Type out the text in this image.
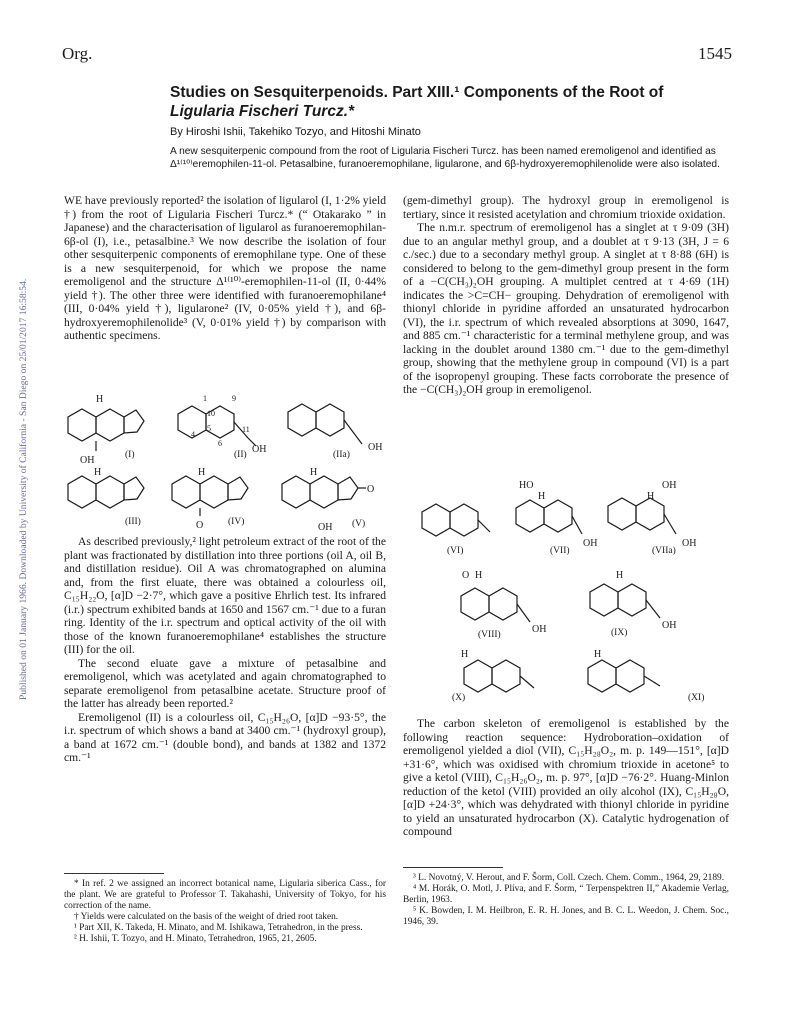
Org.	1545
Published on 01 January 1966. Downloaded by University of California - San Diego on 25/01/2017 16:58:54.
Studies on Sesquiterpenoids. Part XIII.¹ Components of the Root of
Ligularia Fischeri Turcz.*
By Hiroshi Ishii, Takehiko Tozyo, and Hitoshi Minato
A new sesquiterpenic compound from the root of Ligularia Fischeri Turcz. has been named eremoligenol and identified as Δ¹⁽¹⁰⁾eremophilen-11-ol. Petasalbine, furanoeremophilane, ligularone, and 6β-hydroxyeremophilenolide were also isolated.

WE have previously reported² the isolation of ligularol (I, 1·2% yield †) from the root of Ligularia Fischeri Turcz.* (“ Otakarako ” in Japanese) and the characterisation of ligularol as furanoeremophilan-6β-ol (I), i.e., petasalbine.³ We now describe the isolation of four other sesquiterpenic components of eremophilane type. One of these is a new sesquiterpenoid, for which we propose the name eremoligenol and the structure Δ¹⁽¹⁰⁾-eremophilen-11-ol (II, 0·44% yield †). The other three were identified with furanoeremophilane⁴ (III, 0·04% yield †), ligularone² (IV, 0·05% yield †), and 6β-hydroxyeremophilenolide³ (V, 0·01% yield †) by comparison with authentic specimens.

As described previously,² light petroleum extract of the root of the plant was fractionated by distillation into three portions (oil A, oil B, and distillation residue). Oil A was chromatographed on alumina and, from the first eluate, there was obtained a colourless oil, C₁₅H₂₂O, [α]D −2·7°, which gave a positive Ehrlich test. Its infrared (i.r.) spectrum exhibited bands at 1650 and 1567 cm.⁻¹ due to a furan ring. Identity of the i.r. spectrum and optical activity of the oil with those of the known furanoeremophilane⁴ establishes the structure (III) for the oil.

The second eluate gave a mixture of petasalbine and eremoligenol, which was acetylated and again chromatographed to separate eremoligenol from petasalbine acetate. Structure proof of the latter has already been reported.²

Eremoligenol (II) is a colourless oil, C₁₅H₂₆O, [α]D −93·5°, the i.r. spectrum of which shows a band at 3400 cm.⁻¹ (hydroxyl group), a band at 1672 cm.⁻¹ (double bond), and bands at 1382 and 1372 cm.⁻¹

(gem-dimethyl group). The hydroxyl group in eremoligenol is tertiary, since it resisted acetylation and chromium trioxide oxidation.

The n.m.r. spectrum of eremoligenol has a singlet at τ 9·09 (3H) due to an angular methyl group, and a doublet at τ 9·13 (3H, J = 6 c./sec.) due to a secondary methyl group. A singlet at τ 8·88 (6H) is considered to belong to the gem-dimethyl group present in the form of a −C(CH₃)₂OH grouping. A multiplet centred at τ 4·69 (1H) indicates the >C=CH− grouping. Dehydration of eremoligenol with thionyl chloride in pyridine afforded an unsaturated hydrocarbon (VI), the i.r. spectrum of which revealed absorptions at 3090, 1647, and 885 cm.⁻¹ characteristic for a terminal methylene group, and was lacking in the doublet around 1380 cm.⁻¹ due to the gem-dimethyl group, showing that the methylene group in compound (VI) is a part of the isopropenyl grouping. These facts corroborate the presence of the −C(CH₃)₂OH group in eremoligenol.

The carbon skeleton of eremoligenol is established by the following reaction sequence: Hydroboration–oxidation of eremoligenol yielded a diol (VII), C₁₅H₂₈O₂, m. p. 149—151°, [α]D +31·6°, which was oxidised with chromium trioxide in acetone⁵ to give a ketol (VIII), C₁₅H₂₆O₂, m. p. 97°, [α]D −76·2°. Huang-Minlon reduction of the ketol (VIII) provided an oily alcohol (IX), C₁₅H₂₈O, [α]D +24·3°, which was dehydrated with thionyl chloride in pyridine to yield an unsaturated hydrocarbon (X). Catalytic hydrogenation of compound

* In ref. 2 we assigned an incorrect botanical name, Ligularia siberica Cass., for the plant. We are grateful to Professor T. Takahashi, University of Tokyo, for his correction of the name.

† Yields were calculated on the basis of the weight of dried root taken.

¹ Part XII, K. Takeda, H. Minato, and M. Ishikawa, Tetrahedron, in the press.

² H. Ishii, T. Tozyo, and H. Minato, Tetrahedron, 1965, 21, 2605.

³ L. Novotný, V. Herout, and F. Šorm, Coll. Czech. Chem. Comm., 1964, 29, 2189.

⁴ M. Horák, O. Motl, J. Plíva, and F. Šorm, “ Terpenspektren II,” Akademie Verlag, Berlin, 1963.

⁵ K. Bowden, I. M. Heilbron, E. R. H. Jones, and B. C. L. Weedon, J. Chem. Soc., 1946, 39.

H
OH	(I)
1	9
10
5
4
6
11
OH
(II)
OH
(IIa)
H
(III)
H
O	(IV)
H
O
OH (V)
(VI)
HO
H
OH
(VII)
OH
H
OH
(VIIa)
O H
OH
(VIII)
H
OH
(IX)
H
(X)
H
(XI)
